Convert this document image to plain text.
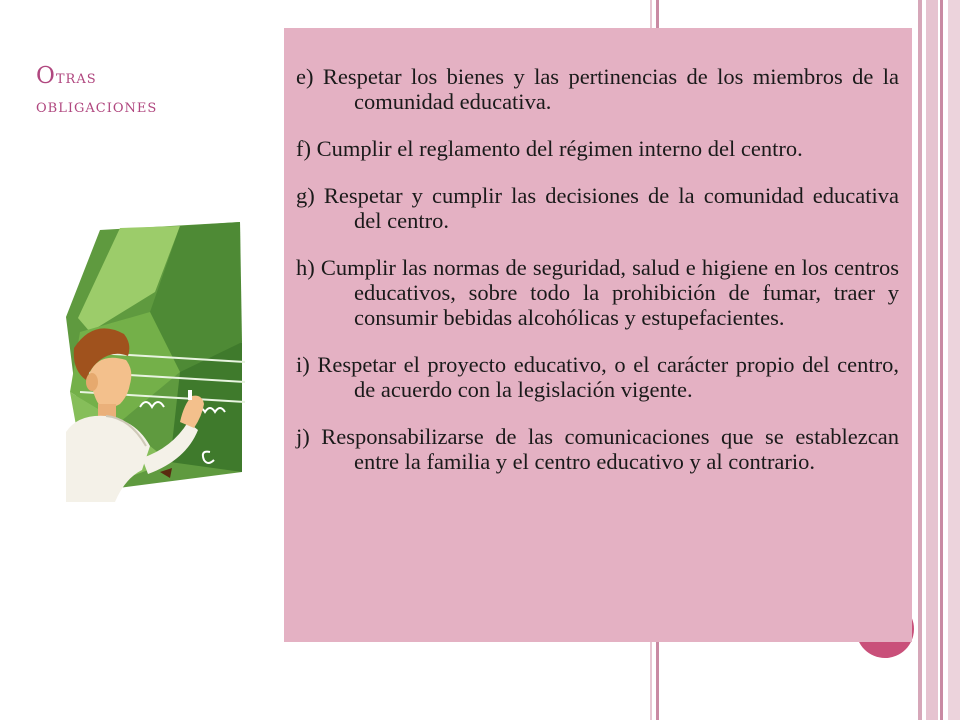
Otras
obligaciones

e) Respetar los bienes y las pertinencias de los miembros de la comunidad educativa.

f) Cumplir el reglamento del régimen interno del centro.

g) Respetar y cumplir las decisiones de la comunidad educativa del centro.

h) Cumplir las normas de seguridad, salud e higiene en los centros educativos, sobre todo la prohibición de fumar, traer y consumir bebidas alcohólicas y estupefacientes.

i) Respetar el proyecto educativo, o el carácter propio del centro, de acuerdo con la legislación vigente.

j) Responsabilizarse de las comunicaciones que se establezcan entre la familia y el centro educativo y al contrario.
